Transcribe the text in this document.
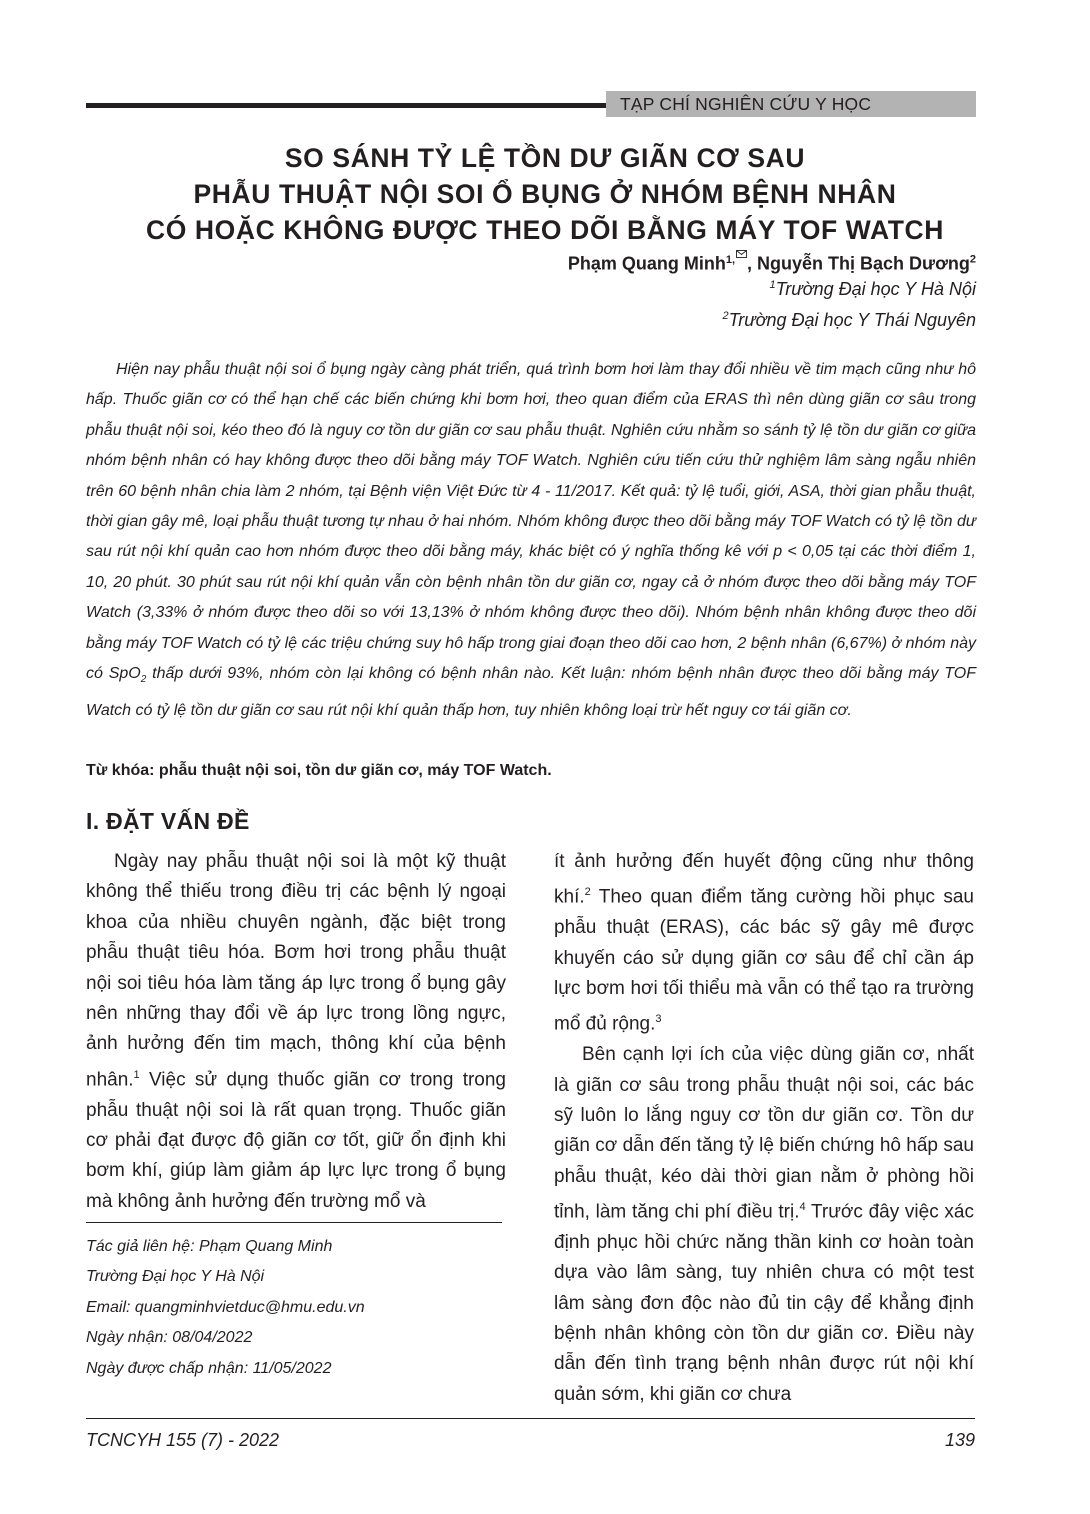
TẠP CHÍ NGHIÊN CỨU Y HỌC
SO SÁNH TỶ LỆ TỒN DƯ GIÃN CƠ SAU
PHẪU THUẬT NỘI SOI Ổ BỤNG Ở NHÓM BỆNH NHÂN
CÓ HOẶC KHÔNG ĐƯỢC THEO DÕI BẰNG MÁY TOF WATCH
Phạm Quang Minh$^{1,}$ , Nguyễn Thị Bạch Dương$^2$
$^1$Trường Đại học Y Hà Nội
$^2$Trường Đại học Y Thái Nguyên

Hiện nay phẫu thuật nội soi ổ bụng ngày càng phát triển, quá trình bơm hơi làm thay đổi nhiều về tim mạch cũng như hô hấp. Thuốc giãn cơ có thể hạn chế các biến chứng khi bơm hơi, theo quan điểm của ERAS thì nên dùng giãn cơ sâu trong phẫu thuật nội soi, kéo theo đó là nguy cơ tồn dư giãn cơ sau phẫu thuật. Nghiên cứu nhằm so sánh tỷ lệ tồn dư giãn cơ giữa nhóm bệnh nhân có hay không được theo dõi bằng máy TOF Watch. Nghiên cứu tiến cứu thử nghiệm lâm sàng ngẫu nhiên trên 60 bệnh nhân chia làm 2 nhóm, tại Bệnh viện Việt Đức từ 4 - 11/2017. Kết quả: tỷ lệ tuổi, giới, ASA, thời gian phẫu thuật, thời gian gây mê, loại phẫu thuật tương tự nhau ở hai nhóm. Nhóm không được theo dõi bằng máy TOF Watch có tỷ lệ tồn dư sau rút nội khí quản cao hơn nhóm được theo dõi bằng máy, khác biệt có ý nghĩa thống kê với p < 0,05 tại các thời điểm 1, 10, 20 phút. 30 phút sau rút nội khí quản vẫn còn bệnh nhân tồn dư giãn cơ, ngay cả ở nhóm được theo dõi bằng máy TOF Watch (3,33% ở nhóm được theo dõi so với 13,13% ở nhóm không được theo dõi). Nhóm bệnh nhân không được theo dõi bằng máy TOF Watch có tỷ lệ các triệu chứng suy hô hấp trong giai đoạn theo dõi cao hơn, 2 bệnh nhân (6,67%) ở nhóm này có SpO$_2$ thấp dưới 93%, nhóm còn lại không có bệnh nhân nào. Kết luận: nhóm bệnh nhân được theo dõi bằng máy TOF Watch có tỷ lệ tồn dư giãn cơ sau rút nội khí quản thấp hơn, tuy nhiên không loại trừ hết nguy cơ tái giãn cơ.

Từ khóa: phẫu thuật nội soi, tồn dư giãn cơ, máy TOF Watch.
I. ĐẶT VẤN ĐỀ

Ngày nay phẫu thuật nội soi là một kỹ thuật không thể thiếu trong điều trị các bệnh lý ngoại khoa của nhiều chuyên ngành, đặc biệt trong phẫu thuật tiêu hóa. Bơm hơi trong phẫu thuật nội soi tiêu hóa làm tăng áp lực trong ổ bụng gây nên những thay đổi về áp lực trong lồng ngực, ảnh hưởng đến tim mạch, thông khí của bệnh nhân.$^1$ Việc sử dụng thuốc giãn cơ trong trong phẫu thuật nội soi là rất quan trọng. Thuốc giãn cơ phải đạt được độ giãn cơ tốt, giữ ổn định khi bơm khí, giúp làm giảm áp lực lực trong ổ bụng mà không ảnh hưởng đến trường mổ và

ít ảnh hưởng đến huyết động cũng như thông khí.$^2$ Theo quan điểm tăng cường hồi phục sau phẫu thuật (ERAS), các bác sỹ gây mê được khuyến cáo sử dụng giãn cơ sâu để chỉ cần áp lực bơm hơi tối thiểu mà vẫn có thể tạo ra trường mổ đủ rộng.$^3$

Bên cạnh lợi ích của việc dùng giãn cơ, nhất là giãn cơ sâu trong phẫu thuật nội soi, các bác sỹ luôn lo lắng nguy cơ tồn dư giãn cơ. Tồn dư giãn cơ dẫn đến tăng tỷ lệ biến chứng hô hấp sau phẫu thuật, kéo dài thời gian nằm ở phòng hồi tỉnh, làm tăng chi phí điều trị.$^4$ Trước đây việc xác định phục hồi chức năng thần kinh cơ hoàn toàn dựa vào lâm sàng, tuy nhiên chưa có một test lâm sàng đơn độc nào đủ tin cậy để khẳng định bệnh nhân không còn tồn dư giãn cơ. Điều này dẫn đến tình trạng bệnh nhân được rút nội khí quản sớm, khi giãn cơ chưa

Tác giả liên hệ: Phạm Quang Minh
Trường Đại học Y Hà Nội
Email: quangminhvietduc@hmu.edu.vn
Ngày nhận: 08/04/2022
Ngày được chấp nhận: 11/05/2022
TCNCYH 155 (7) - 2022	139
